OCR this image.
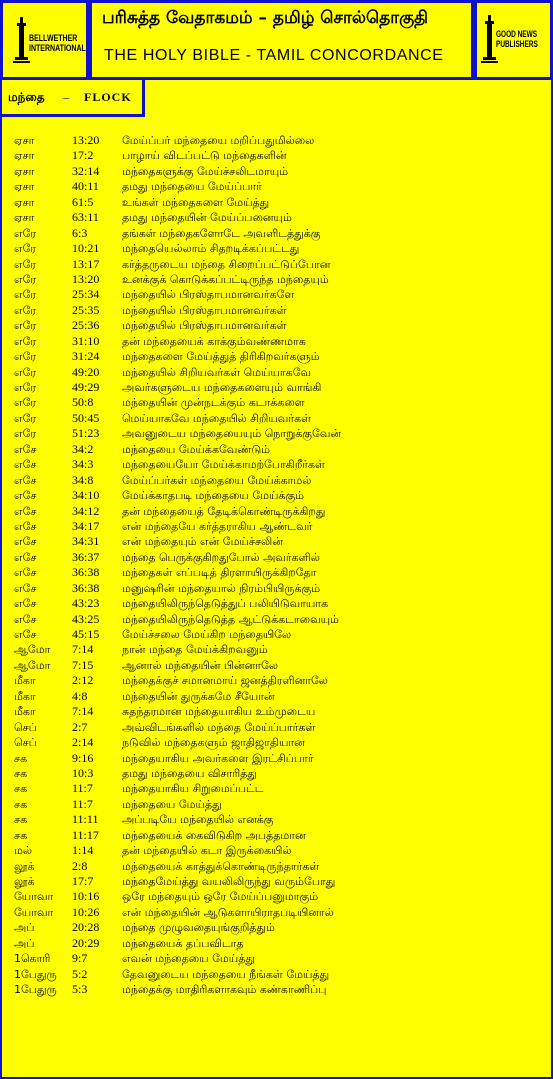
BELLWETHER
INTERNATIONAL
பரிசுத்த வேதாகமம் – தமிழ் சொல்தொகுதி
THE HOLY BIBLE - TAMIL CONCORDANCE
GOOD NEWS
PUBLISHERS
மந்தை – FLOCK
ஏசா	13:20 மேய்ப்பர் மந்தையை மறிப்பதுமில்லை
ஏசா	17:2	பாழாய் விடப்பட்டு மந்தைகளின்
ஏசா	32:14 மந்தைகளுக்கு மேய்ச்சலிடமாயும்
ஏசா	40:11 தமது மந்தையை மேய்ப்பார்
ஏசா	61:5	உங்கள் மந்தைகளை மேய்த்து
ஏசா	63:11 தமது மந்தையின் மேய்ப்பனையும்
எரே	6:3	தங்கள் மந்தைகளோடே அவளிடத்துக்கு
எரே	10:21 மந்தையெல்லாம் சிதறடிக்கப்பட்டது
எரே	13:17 கர்த்தருடைய மந்தை சிறைப்பட்டுப்போன
எரே	13:20 உனக்குக் கொடுக்கப்பட்டிருந்த மந்தையும்
எரே	25:34 மந்தையில் பிரஸ்தாபமானவர்களே
எரே	25:35 மந்தையில் பிரஸ்தாபமானவர்கள்
எரே	25:36 மந்தையில் பிரஸ்தாபமானவர்கள்
எரே	31:10 தன் மந்தையைக் காக்கும்வண்ணமாக
எரே	31:24 மந்தைகளை மேய்த்துத் திரிகிறவர்களும்
எரே	49:20 மந்தையில் சிறியவர்கள் மெய்யாகவே
எரே	49:29 அவர்களுடைய மந்தைகளையும் வாங்கி
எரே	50:8	மந்தையின் முன்நடக்கும் கடாக்களை
எரே	50:45 மெய்யாகவே மந்தையில் சிறியவர்கள்
எரே	51:23 அவனுடைய மந்தையையும் நொறுக்குவேன்
எசே	34:2	மந்தையை மேய்க்கவேண்டும்
எசே	34:3	மந்தையையோ மேய்க்காமற்போகிறீர்கள்
எசே	34:8	மேய்ப்பர்கள் மந்தையை மேய்க்காமல்
எசே	34:10 மேய்க்காதபடி மந்தையை மேய்க்கும்
எசே	34:12 தன் மந்தையைத் தேடிக்கொண்டிருக்கிறது
எசே	34:17 என் மந்தையே கர்த்தராகிய ஆண்டவர்
எசே	34:31 என் மந்தையும் என் மேய்ச்சலின்
எசே	36:37 மந்தை பெருக்குகிறதுபோல் அவர்களில்
எசே	36:38 மந்தைகள் எப்படித் திரளாயிருக்கிறதோ
எசே	36:38 மனுஷரின் மந்தையால் நிரம்பியிருக்கும்
எசே	43:23 மந்தையிலிருந்தெடுத்துப் பலியிடுவாயாக
எசே	43:25 மந்தையிலிருந்தெடுத்த ஆட்டுக்கடாவையும்
எசே	45:15 மேய்ச்சலை மேய்கிற மந்தையிலே
ஆமோ 7:14	நான் மந்தை மேய்க்கிறவனும்
ஆமோ 7:15	ஆனால் மந்தையின் பின்னாலே
மீகா	2:12	மந்தைக்குச் சமானமாய் ஜனத்திரளினாலே
மீகா	4:8	மந்தையின் துருக்கமே சீயோன்
மீகா	7:14	சுதந்தரமான மந்தையாகிய உம்முடைய
செப்	2:7	அவ்விடங்களில் மந்தை மேய்ப்பார்கள்
செப்	2:14	நடுவில் மந்தைகளும் ஜாதிஜாதியான
சக	9:16	மந்தையாகிய அவர்களை இரட்சிப்பார்
சக	10:3	தமது மந்தையை விசாரித்து
சக	11:7	மந்தையாகிய சிறுமைப்பட்ட
சக	11:7	மந்தையை மேய்த்து
சக	11:11 அப்படியே மந்தையில் எனக்கு
சக	11:17 மந்தையைக் கைவிடுகிற அபத்தமான
மல்	1:14	தன் மந்தையில் கடா இருக்கையில்
லூக்	2:8	மந்தையைக் காத்துக்கொண்டிருந்தார்கள்
லூக்	17:7	மந்தைமேய்த்து வயலிலிருந்து வரும்போது
யோவா 10:16 ஒரே மந்தையும் ஒரே மேய்ப்பனுமாகும்
யோவா 10:26 என் மந்தையின் ஆடுகளாயிராதபடியினால்
அப்	20:28 மந்தை முழுவதையுங்குறித்தும்
அப்	20:29 மந்தையைக் தப்பவிடாத
1கொரி 9:7	எவன் மந்தையை மேய்த்து
1பேதுரு 5:2	தேவனுடைய மந்தையை நீங்கள் மேய்த்து
1பேதுரு 5:3	மந்தைக்கு மாதிரிகளாகவும் கண்காணிப்பு
